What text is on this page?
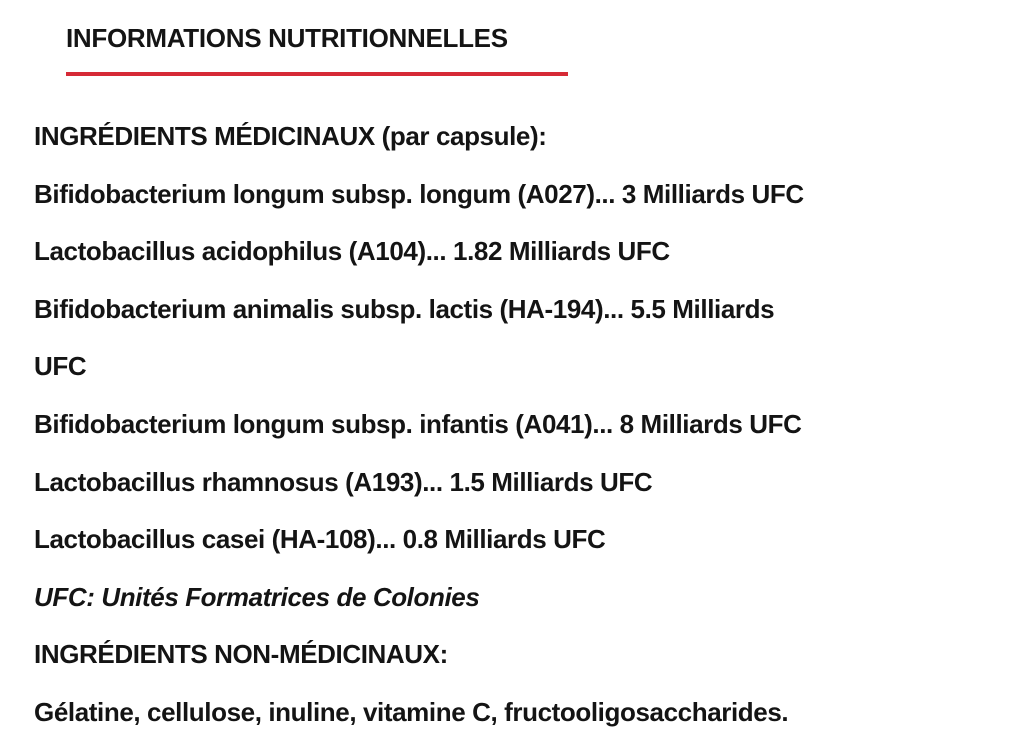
INFORMATIONS NUTRITIONNELLES
INGRÉDIENTS MÉDICINAUX (par capsule):
Bifidobacterium longum subsp. longum (A027)... 3 Milliards UFC
Lactobacillus acidophilus (A104)... 1.82 Milliards UFC
Bifidobacterium animalis subsp. lactis (HA-194)... 5.5 Milliards
UFC
Bifidobacterium longum subsp. infantis (A041)... 8 Milliards UFC
Lactobacillus rhamnosus (A193)... 1.5 Milliards UFC
Lactobacillus casei (HA-108)... 0.8 Milliards UFC
UFC: Unités Formatrices de Colonies
INGRÉDIENTS NON-MÉDICINAUX:
Gélatine, cellulose, inuline, vitamine C, fructooligosaccharides.
